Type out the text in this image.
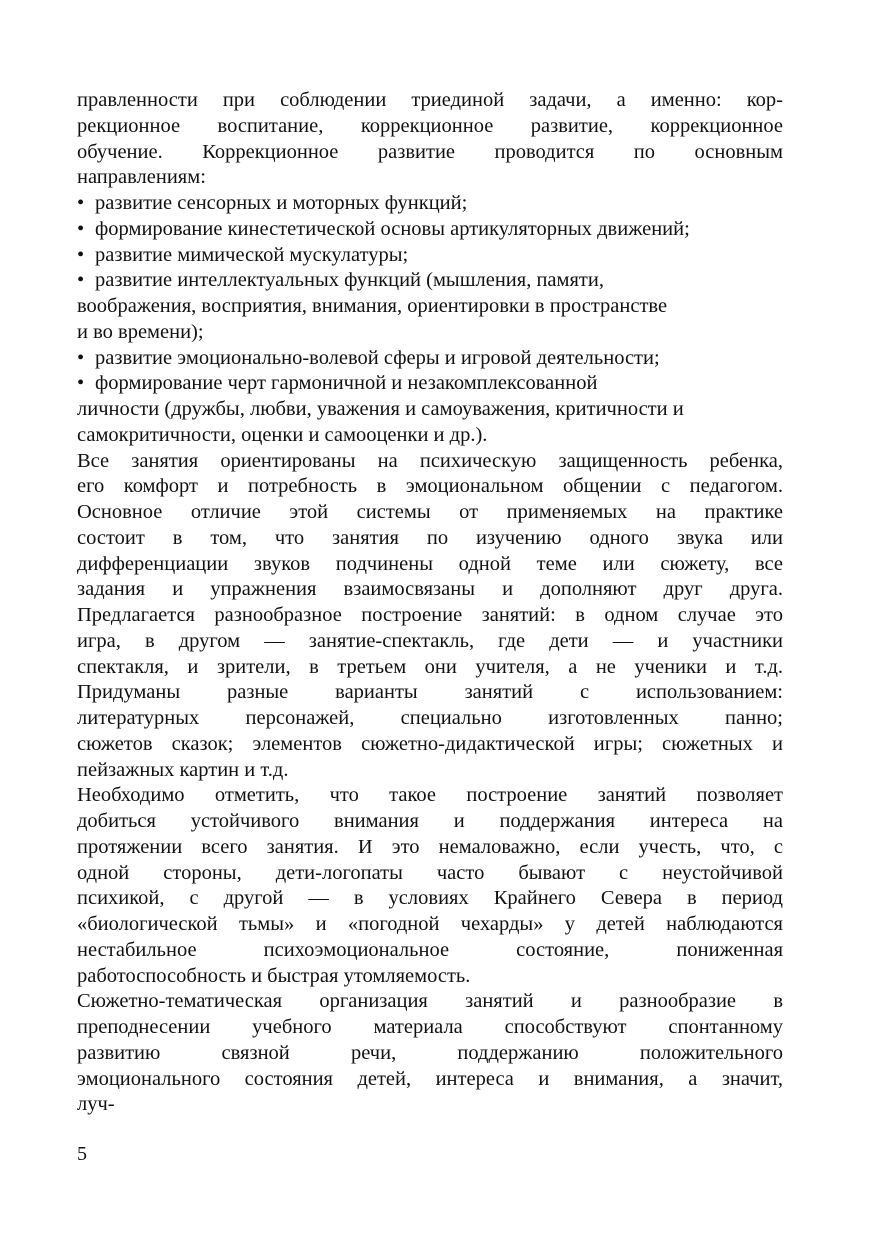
правленности при соблюдении триединой задачи, а именно: кор-
рекционное воспитание, коррекционное развитие, коррекционное
обучение. Коррекционное развитие проводится по основным
направлениям:
• развитие сенсорных и моторных функций;
• формирование кинестетической основы артикуляторных движений;
• развитие мимической мускулатуры;
• развитие интеллектуальных функций (мышления, памяти,
воображения, восприятия, внимания, ориентировки в пространстве
и во времени);
• развитие эмоционально-волевой сферы и игровой деятельности;
• формирование черт гармоничной и незакомплексованной
личности (дружбы, любви, уважения и самоуважения, критичности и
самокритичности, оценки и самооценки и др.).
Все занятия ориентированы на психическую защищенность ребенка,
его комфорт и потребность в эмоциональном общении с педагогом.
Основное отличие этой системы от применяемых на практике
состоит в том, что занятия по изучению одного звука или
дифференциации звуков подчинены одной теме или сюжету, все
задания и упражнения взаимосвязаны и дополняют друг друга.
Предлагается разнообразное построение занятий: в одном случае это
игра, в другом — занятие-спектакль, где дети — и участники
спектакля, и зрители, в третьем они учителя, а не ученики и т.д.
Придуманы разные варианты занятий с использованием:
литературных персонажей, специально изготовленных панно;
сюжетов сказок; элементов сюжетно-дидактической игры; сюжетных и
пейзажных картин и т.д.
Необходимо отметить, что такое построение занятий позволяет
добиться устойчивого внимания и поддержания интереса на
протяжении всего занятия. И это немаловажно, если учесть, что, с
одной стороны, дети-логопаты часто бывают с неустойчивой
психикой, с другой — в условиях Крайнего Севера в период
«биологической тьмы» и «погодной чехарды» у детей наблюдаются
нестабильное психоэмоциональное состояние, пониженная
работоспособность и быстрая утомляемость.
Сюжетно-тематическая организация занятий и разнообразие в
преподнесении учебного материала способствуют спонтанному
развитию связной речи, поддержанию положительного
эмоционального состояния детей, интереса и внимания, а значит,
луч-
5
